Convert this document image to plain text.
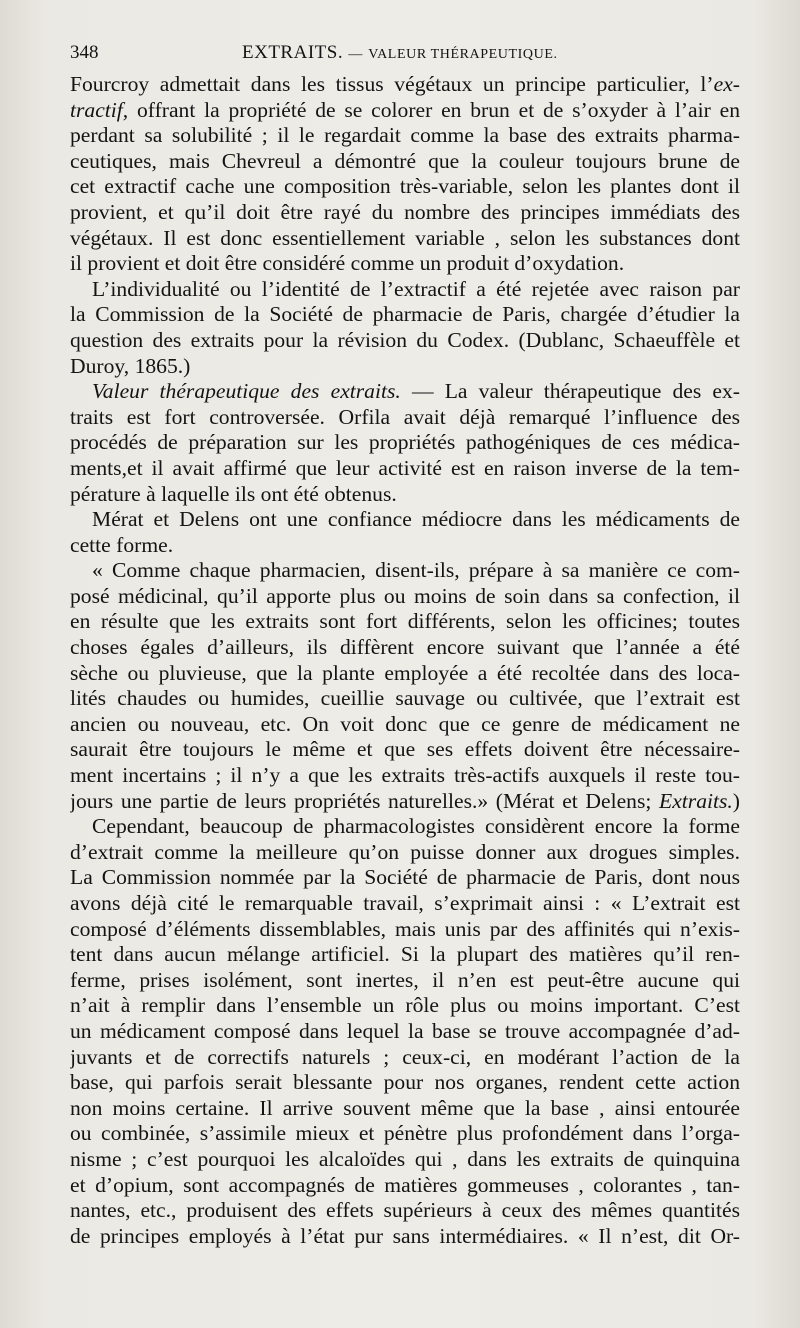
348	EXTRAITS. — VALEUR THÉRAPEUTIQUE.
Fourcroy admettait dans les tissus végétaux un principe particulier, l’ex-
tractif, offrant la propriété de se colorer en brun et de s’oxyder à l’air en
perdant sa solubilité ; il le regardait comme la base des extraits pharma-
ceutiques, mais Chevreul a démontré que la couleur toujours brune de
cet extractif cache une composition très-variable, selon les plantes dont il
provient, et qu’il doit être rayé du nombre des principes immédiats des
végétaux. Il est donc essentiellement variable , selon les substances dont
il provient et doit être considéré comme un produit d’oxydation.
L’individualité ou l’identité de l’extractif a été rejetée avec raison par
la Commission de la Société de pharmacie de Paris, chargée d’étudier la
question des extraits pour la révision du Codex. (Dublanc, Schaeuffèle et
Duroy, 1865.)
Valeur thérapeutique des extraits. — La valeur thérapeutique des ex-
traits est fort controversée. Orfila avait déjà remarqué l’influence des
procédés de préparation sur les propriétés pathogéniques de ces médica-
ments,et il avait affirmé que leur activité est en raison inverse de la tem-
pérature à laquelle ils ont été obtenus.
Mérat et Delens ont une confiance médiocre dans les médicaments de
cette forme.
« Comme chaque pharmacien, disent-ils, prépare à sa manière ce com-
posé médicinal, qu’il apporte plus ou moins de soin dans sa confection, il
en résulte que les extraits sont fort différents, selon les officines; toutes
choses égales d’ailleurs, ils diffèrent encore suivant que l’année a été
sèche ou pluvieuse, que la plante employée a été recoltée dans des loca-
lités chaudes ou humides, cueillie sauvage ou cultivée, que l’extrait est
ancien ou nouveau, etc. On voit donc que ce genre de médicament ne
saurait être toujours le même et que ses effets doivent être nécessaire-
ment incertains ; il n’y a que les extraits très-actifs auxquels il reste tou-
jours une partie de leurs propriétés naturelles.» (Mérat et Delens; Extraits.)
Cependant, beaucoup de pharmacologistes considèrent encore la forme
d’extrait comme la meilleure qu’on puisse donner aux drogues simples.
La Commission nommée par la Société de pharmacie de Paris, dont nous
avons déjà cité le remarquable travail, s’exprimait ainsi : « L’extrait est
composé d’éléments dissemblables, mais unis par des affinités qui n’exis-
tent dans aucun mélange artificiel. Si la plupart des matières qu’il ren-
ferme, prises isolément, sont inertes, il n’en est peut-être aucune qui
n’ait à remplir dans l’ensemble un rôle plus ou moins important. C’est
un médicament composé dans lequel la base se trouve accompagnée d’ad-
juvants et de correctifs naturels ; ceux-ci, en modérant l’action de la
base, qui parfois serait blessante pour nos organes, rendent cette action
non moins certaine. Il arrive souvent même que la base , ainsi entourée
ou combinée, s’assimile mieux et pénètre plus profondément dans l’orga-
nisme ; c’est pourquoi les alcaloïdes qui , dans les extraits de quinquina
et d’opium, sont accompagnés de matières gommeuses , colorantes , tan-
nantes, etc., produisent des effets supérieurs à ceux des mêmes quantités
de principes employés à l’état pur sans intermédiaires. « Il n’est, dit Or-
